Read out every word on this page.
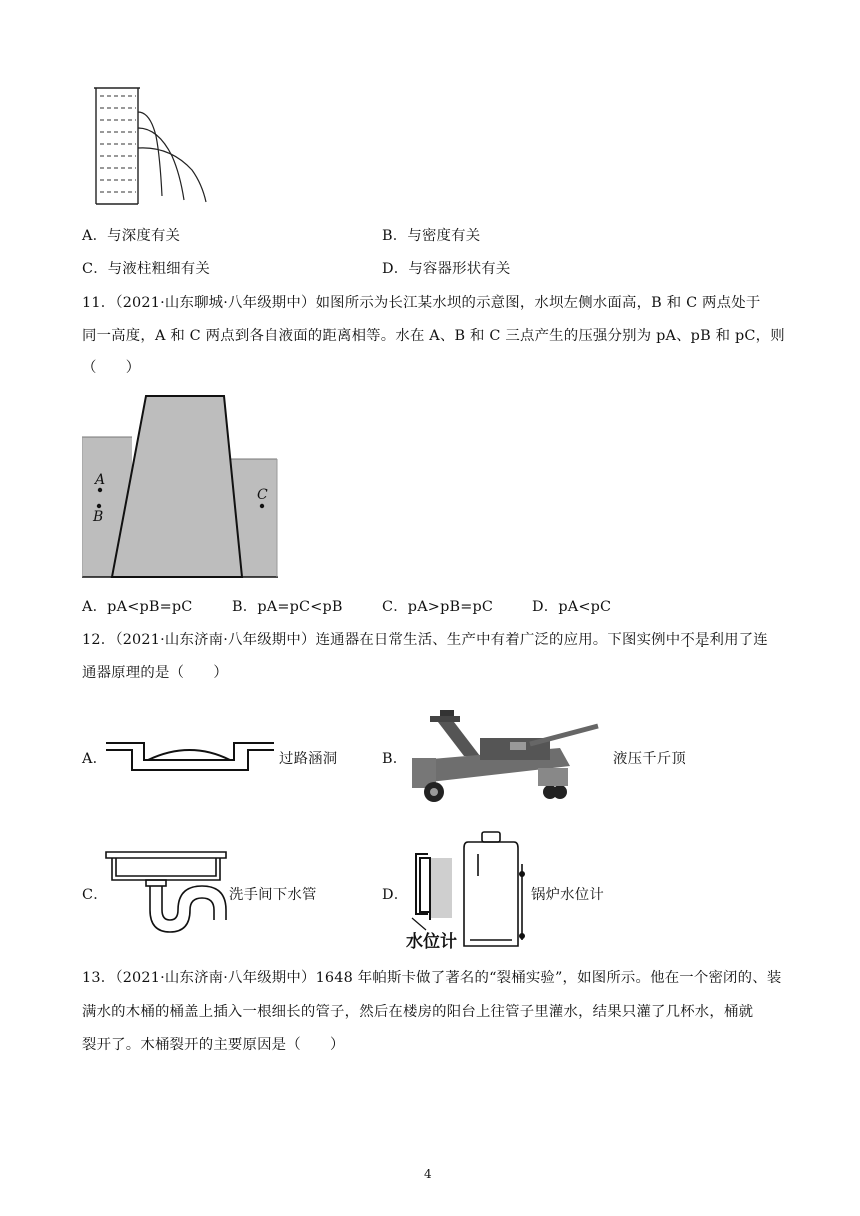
A．与深度有关	B．与密度有关
C．与液柱粗细有关	D．与容器形状有关
11．（2021·山东聊城·八年级期中）如图所示为长江某水坝的示意图，水坝左侧水面高，B 和 C 两点处于
同一高度，A 和 C 两点到各自液面的距离相等。水在 A、B 和 C 三点产生的压强分别为 pA、pB 和 pC，则
（　　）
A
B
C
A．pA<pB=pC	B．pA=pC<pB	C．pA>pB=pC	D．pA<pC
12．（2021·山东济南·八年级期中）连通器在日常生活、生产中有着广泛的应用。下图实例中不是利用了连
通器原理的是（　　）
A．	过路涵洞	B．	液压千斤顶
C．	洗手间下水管	D．
水位计
锅炉水位计
13．（2021·山东济南·八年级期中）1648 年帕斯卡做了著名的“裂桶实验”，如图所示。他在一个密闭的、装
满水的木桶的桶盖上插入一根细长的管子，然后在楼房的阳台上往管子里灌水，结果只灌了几杯水，桶就
裂开了。木桶裂开的主要原因是（　　）
4
